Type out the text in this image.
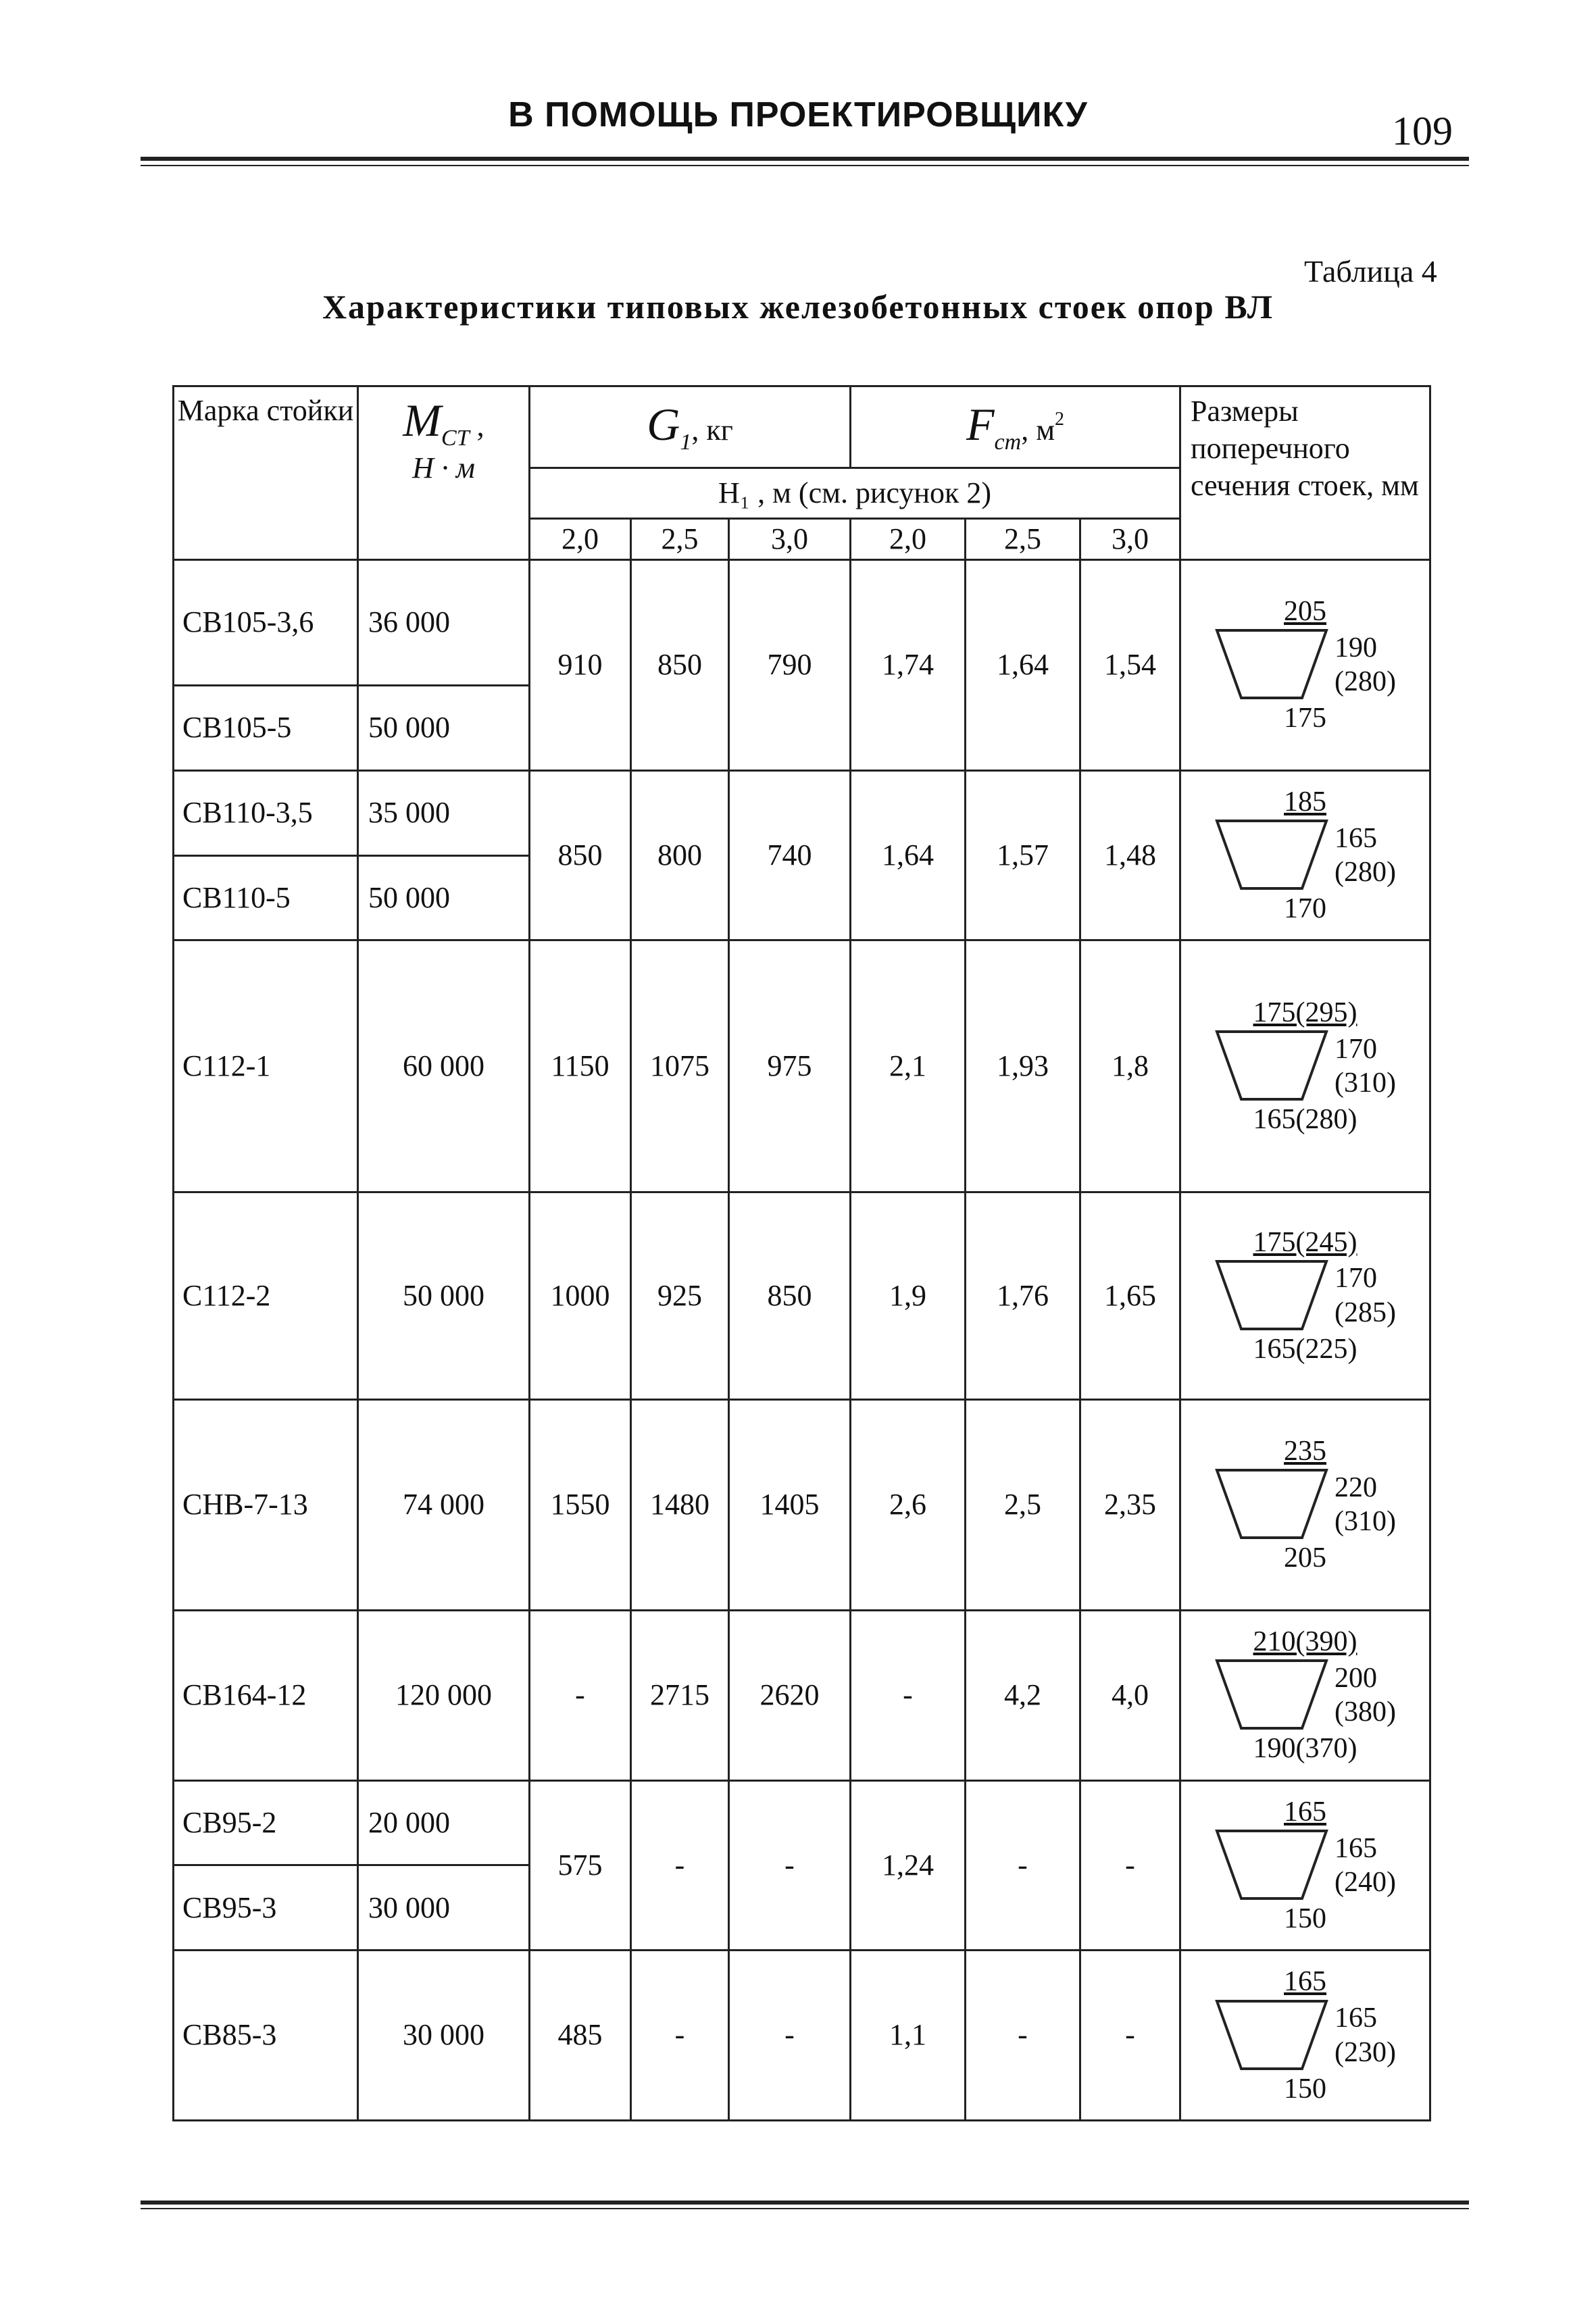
В ПОМОЩЬ ПРОЕКТИРОВЩИКУ	109
Таблица 4
Характеристики типовых железобетонных стоек опор ВЛ
Марка стойки	$M_{CT}$ ,
H · м	$G_1$, кг			$F_{cm}$, $м^2$			Размеры поперечного сечения стоек, мм
		H₁ , м (см. рисунок 2)						
		2,0	2,5	3,0	2,0	2,5	3,0	
СВ105-3,6	36 000	910	850	790	1,74	1,64	1,54	205
190
(280)
175

СВ105-5	50 000							
СВ110-3,5	35 000	850	800	740	1,64	1,57	1,48	185
165
(280)
170

СВ110-5	50 000							
С112-1	60 000	1150	1075	975	2,1	1,93	1,8	175(295)
170
(310)
165(280)

С112-2	50 000	1000	925	850	1,9	1,76	1,65	175(245)
170
(285)
165(225)

СНВ-7-13	74 000	1550	1480	1405	2,6	2,5	2,35	235
220
(310)
205

СВ164-12	120 000	-	2715	2620	-	4,2	4,0	210(390)
200
(380)
190(370)

СВ95-2	20 000	575	-	-	1,24	-	-	165
165
(240)
150

СВ95-3	30 000							
СВ85-3	30 000	485	-	-	1,1	-	-	165
165
(230)
150
